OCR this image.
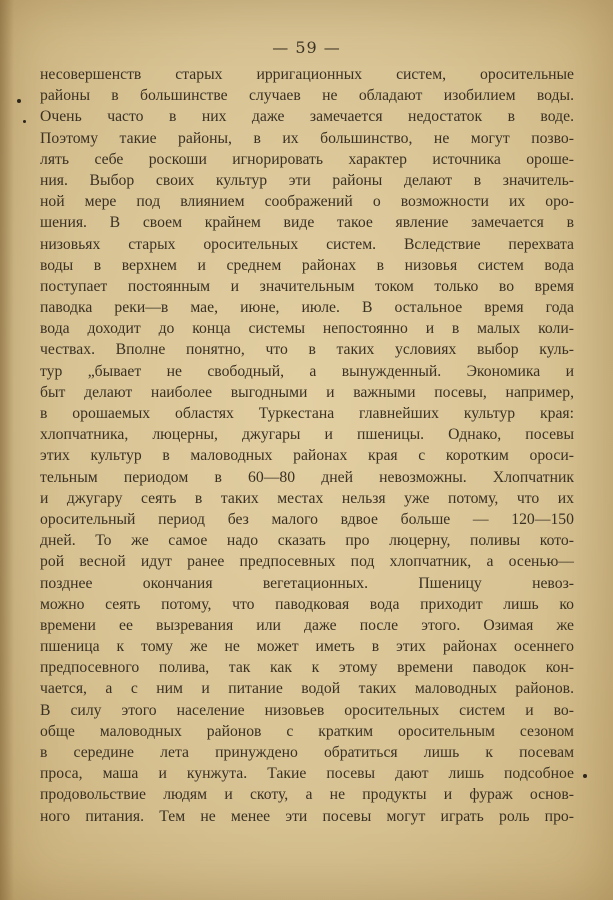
— 59 —
несовершенств старых ирригационных систем, оросительные
районы в большинстве случаев не обладают изобилием воды.
Очень часто в них даже замечается недостаток в воде.
Поэтому такие районы, в их большинство, не могут позво-
лять себе роскоши игнорировать характер источника ороше-
ния. Выбор своих культур эти районы делают в значитель-
ной мере под влиянием соображений о возможности их оро-
шения. В своем крайнем виде такое явление замечается в
низовьях старых оросительных систем. Вследствие перехвата
воды в верхнем и среднем районах в низовья систем вода
поступает постоянным и значительным током только во время
паводка реки—в мае, июне, июле. В остальное время года
вода доходит до конца системы непостоянно и в малых коли-
чествах. Вполне понятно, что в таких условиях выбор куль-
тур „бывает не свободный, а вынужденный. Экономика и
быт делают наиболее выгодными и важными посевы, например,
в орошаемых областях Туркестана главнейших культур края:
хлопчатника, люцерны, джугары и пшеницы. Однако, посевы
этих культур в маловодных районах края с коротким ороси-
тельным периодом в 60—80 дней невозможны. Хлопчатник
и джугару сеять в таких местах нельзя уже потому, что их
оросительный период без малого вдвое больше — 120—150
дней. То же самое надо сказать про люцерну, поливы кото-
рой весной идут ранее предпосевных под хлопчатник, а осенью—
позднее окончания вегетационных. Пшеницу невоз-
можно сеять потому, что паводковая вода приходит лишь ко
времени ее вызревания или даже после этого. Озимая же
пшеница к тому же не может иметь в этих районах осеннего
предпосевного полива, так как к этому времени паводок кон-
чается, а с ним и питание водой таких маловодных районов.
В силу этого население низовьев оросительных систем и во-
обще маловодных районов с кратким оросительным сезоном
в середине лета принуждено обратиться лишь к посевам
проса, маша и кунжута. Такие посевы дают лишь подсобное
продовольствие людям и скоту, а не продукты и фураж основ-
ного питания. Тем не менее эти посевы могут играть роль про-
